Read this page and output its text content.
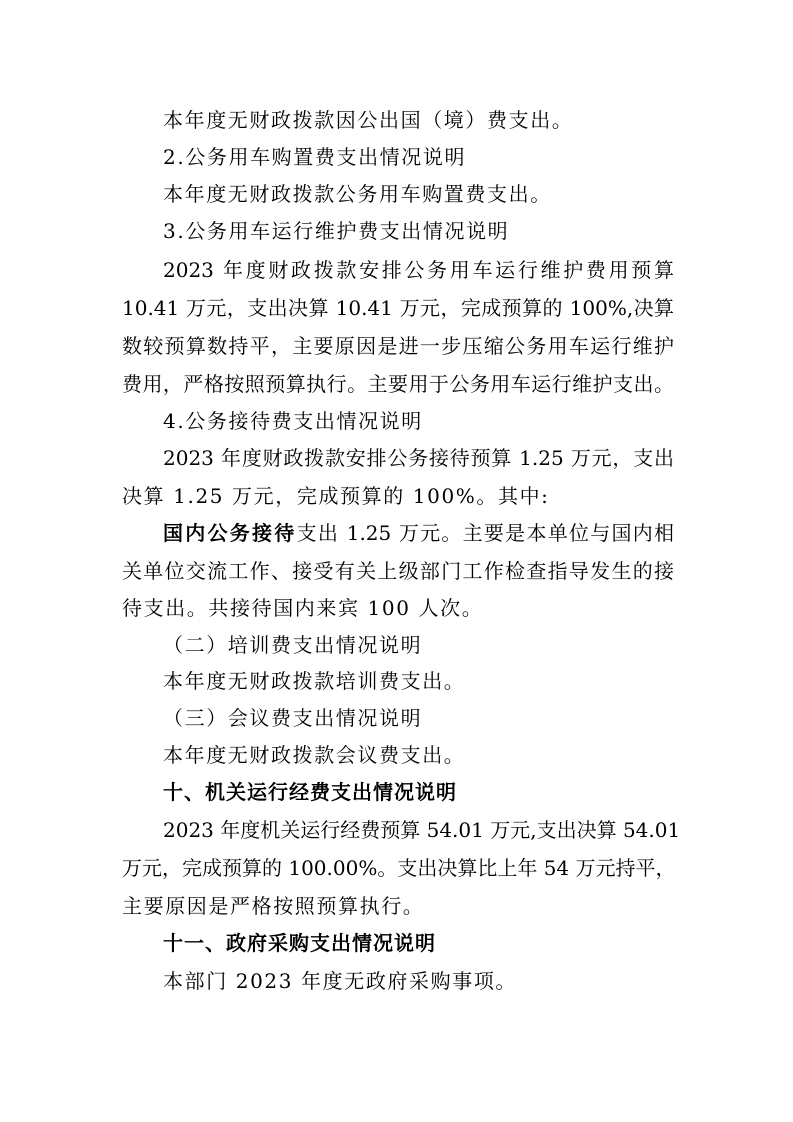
本年度无财政拨款因公出国（境）费支出。
2.公务用车购置费支出情况说明
本年度无财政拨款公务用车购置费支出。
3.公务用车运行维护费支出情况说明
2023 年度财政拨款安排公务用车运行维护费用预算
10.41 万元，支出决算 10.41 万元，完成预算的 100%,决算
数较预算数持平，主要原因是进一步压缩公务用车运行维护
费用，严格按照预算执行。主要用于公务用车运行维护支出。
4.公务接待费支出情况说明
2023 年度财政拨款安排公务接待预算 1.25 万元，支出
决算 1.25 万元，完成预算的 100%。其中:
国内公务接待支出 1.25 万元。主要是本单位与国内相
关单位交流工作、接受有关上级部门工作检查指导发生的接
待支出。共接待国内来宾 100 人次。
（二）培训费支出情况说明
本年度无财政拨款培训费支出。
（三）会议费支出情况说明
本年度无财政拨款会议费支出。
十、机关运行经费支出情况说明
2023 年度机关运行经费预算 54.01 万元,支出决算 54.01
万元，完成预算的 100.00%。支出决算比上年 54 万元持平，
主要原因是严格按照预算执行。
十一、政府采购支出情况说明
本部门 2023 年度无政府采购事项。
